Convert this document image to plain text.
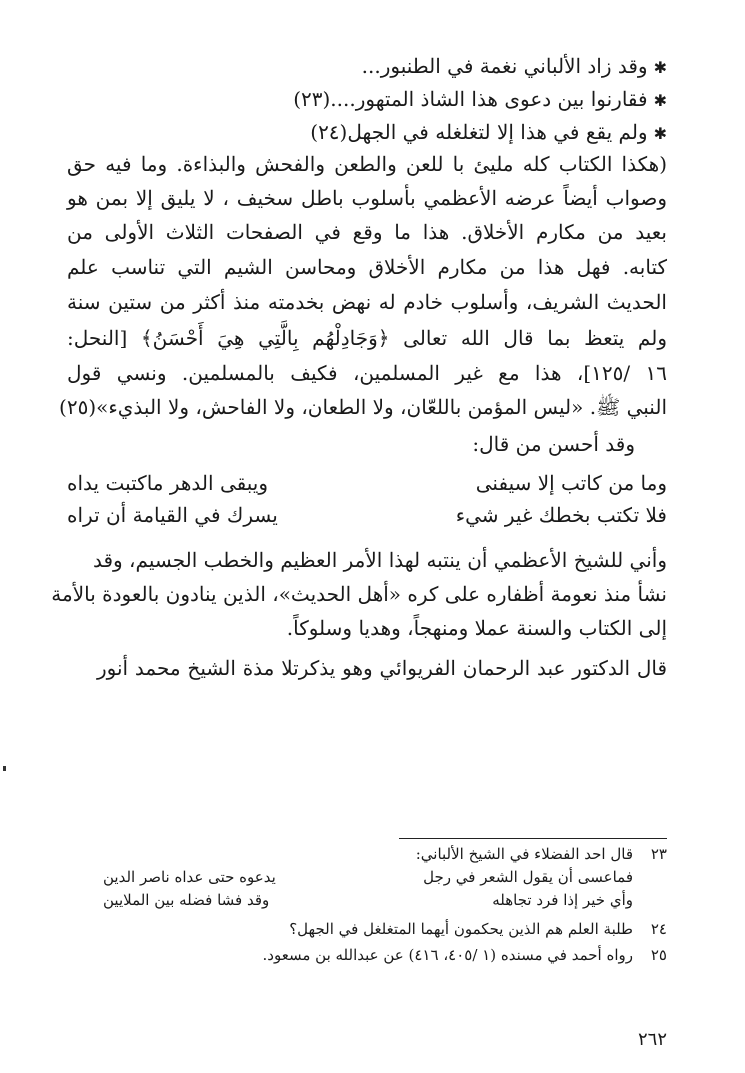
✱وقد زاد الألباني نغمة في الطنبور...
✱فقارنوا بين دعوى هذا الشاذ المتهور....(٢٣)
✱ولم يقع في هذا إلا لتغلغله في الجهل(٢٤)
(هكذا الكتاب كله مليئ با للعن والطعن والفحش والبذاءة. وما فيه حق
وصواب أيضاً عرضه الأعظمي بأسلوب باطل سخيف ، لا يليق إلا بمن هو
بعيد من مكارم الأخلاق. هذا ما وقع في الصفحات الثلاث الأولى من
كتابه. فهل هذا من مكارم الأخلاق ومحاسن الشيم التي تناسب علم
الحديث الشريف، وأسلوب خادم له نهض بخدمته منذ أكثر من ستين سنة
ولم يتعظ بما قال الله تعالى ﴿وَجَادِلْهُم بِالَّتِي هِيَ أَحْسَنُ﴾ [النحل:
١٦ /١٢٥]، هذا مع غير المسلمين، فكيف بالمسلمين. ونسي قول
النبي ﷺ. «ليس المؤمن باللعّان، ولا الطعان، ولا الفاحش، ولا البذيء»(٢٥)
وقد أحسن من قال:
وما من كاتب إلا سيفنى
ويبقى الدهر ماكتبت يداه
فلا تكتب بخطك غير شيء
يسرك في القيامة أن تراه
وأني للشيخ الأعظمي أن ينتبه لهذا الأمر العظيم والخطب الجسيم، وقد
نشأ منذ نعومة أظفاره على كره «أهل الحديث»، الذين ينادون بالعودة بالأمة
إلى الكتاب والسنة عملا ومنهجاً، وهديا وسلوكاً.
قال الدكتور عبد الرحمان الفريوائي وهو يذكرتلا مذة الشيخ محمد أنور
٢٣قال احد الفضلاء في الشيخ الألباني:
فماعسى أن يقول الشعر في رجل
يدعوه حتى عداه ناصر الدين
وأي خير إذا فرد تجاهله
وقد فشا فضله بين الملايين
٢٤طلبة العلم هم الذين يحكمون أيهما المتغلغل في الجهل؟
٢٥رواه أحمد في مسنده (١ /٤٠٥، ٤١٦) عن عبدالله بن مسعود.
٢٦٢
